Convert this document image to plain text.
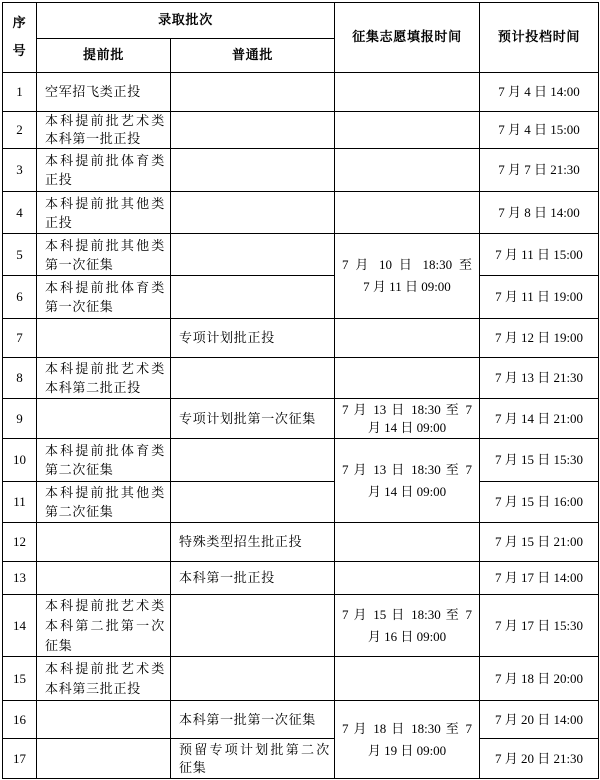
序
号	录取批次		征集志愿填报时间	预计投档时间
	提前批	普通批		
1	空军招飞类正投			7 月 4 日 14:00
2	本科提前批艺术类
本科第一批正投			7 月 4 日 15:00
3	本科提前批体育类
正投			7 月 7 日 21:30
4	本科提前批其他类
正投			7 月 8 日 14:00
5	本科提前批其他类
第一次征集		7 月 10 日 18:30 至
7 月 11 日 09:00	7 月 11 日 15:00
6	本科提前批体育类
第一次征集			7 月 11 日 19:00
7		专项计划批正投		7 月 12 日 19:00
8	本科提前批艺术类
本科第二批正投			7 月 13 日 21:30
9		专项计划批第一次征集	7 月 13 日 18:30 至 7
月 14 日 09:00	7 月 14 日 21:00
10	本科提前批体育类
第二次征集		7 月 13 日 18:30 至 7
月 14 日 09:00	7 月 15 日 15:30
11	本科提前批其他类
第二次征集			7 月 15 日 16:00
12		特殊类型招生批正投		7 月 15 日 21:00
13		本科第一批正投		7 月 17 日 14:00
14	本科提前批艺术类
本科第二批第一次
征集		7 月 15 日 18:30 至 7
月 16 日 09:00	7 月 17 日 15:30
15	本科提前批艺术类
本科第三批正投			7 月 18 日 20:00
16		本科第一批第一次征集	7 月 18 日 18:30 至 7
月 19 日 09:00	7 月 20 日 14:00
17		预留专项计划批第二次
征集		7 月 20 日 21:30
